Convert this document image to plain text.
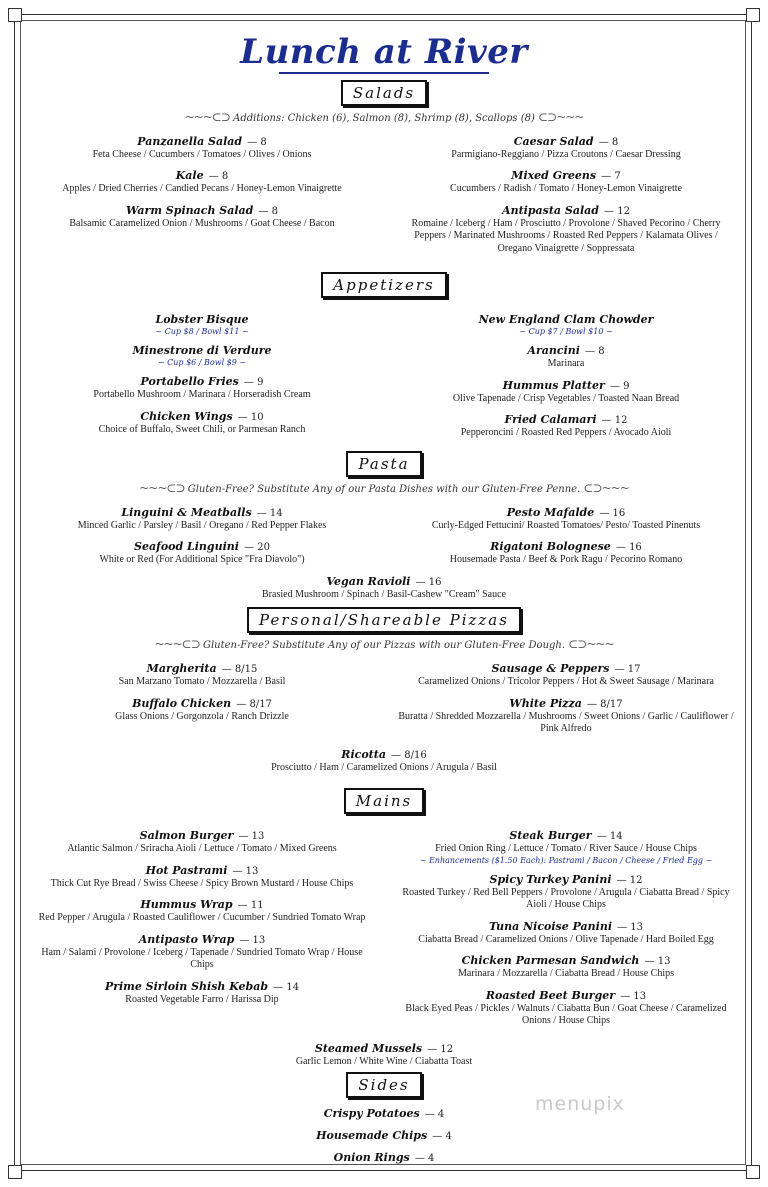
Lunch at River
Salads
~~~⊂⊃ Additions: Chicken (6), Salmon (8), Shrimp (8), Scallops (8) ⊂⊃~~~
Panzanella Salad — 8
Feta Cheese / Cucumbers / Tomatoes / Olives / Onions
Kale — 8
Apples / Dried Cherries / Candied Pecans / Honey-Lemon Vinaigrette
Warm Spinach Salad — 8
Balsamic Caramelized Onion / Mushrooms / Goat Cheese / Bacon
Caesar Salad — 8
Parmigiano-Reggiano / Pizza Croutons / Caesar Dressing
Mixed Greens — 7
Cucumbers / Radish / Tomato / Honey-Lemon Vinaigrette
Antipasta Salad — 12
Romaine / Iceberg / Ham / Prosciutto / Provolone / Shaved Pecorino / Cherry Peppers / Marinated Mushrooms / Roasted Red Peppers / Kalamata Olives / Oregano Vinaigrette / Soppressata
Appetizers
Lobster Bisque
~ Cup $8 / Bowl $11 ~
Minestrone di Verdure
~ Cup $6 / Bowl $9 ~
Portabello Fries — 9
Portabello Mushroom / Marinara / Horseradish Cream
Chicken Wings — 10
Choice of Buffalo, Sweet Chili, or Parmesan Ranch
New England Clam Chowder
~ Cup $7 / Bowl $10 ~
Arancini — 8
Marinara
Hummus Platter — 9
Olive Tapenade / Crisp Vegetables / Toasted Naan Bread
Fried Calamari — 12
Pepperoncini / Roasted Red Peppers / Avocado Aioli
Pasta
~~~⊂⊃ Gluten-Free? Substitute Any of our Pasta Dishes with our Gluten-Free Penne. ⊂⊃~~~
Linguini & Meatballs — 14
Minced Garlic / Parsley / Basil / Oregano / Red Pepper Flakes
Seafood Linguini — 20
White or Red (For Additional Spice "Fra Diavolo")
Pesto Mafalde — 16
Curly-Edged Fettucini/ Roasted Tomatoes/ Pesto/ Toasted Pinenuts
Rigatoni Bolognese — 16
Housemade Pasta / Beef & Pork Ragu / Pecorino Romano
Vegan Ravioli — 16
Brasied Mushroom / Spinach / Basil-Cashew "Cream" Sauce
Personal/Shareable Pizzas
~~~⊂⊃ Gluten-Free? Substitute Any of our Pizzas with our Gluten-Free Dough. ⊂⊃~~~
Margherita — 8/15
San Marzano Tomato / Mozzarella / Basil
Buffalo Chicken — 8/17
Glass Onions / Gorgonzola / Ranch Drizzle
Sausage & Peppers — 17
Caramelized Onions / Tricolor Peppers / Hot & Sweet Sausage / Marinara
White Pizza — 8/17
Buratta / Shredded Mozzarella / Mushrooms / Sweet Onions / Garlic / Cauliflower / Pink Alfredo
Ricotta — 8/16
Prosciutto / Ham / Caramelized Onions / Arugula / Basil
Mains
Salmon Burger — 13
Atlantic Salmon / Sriracha Aioli / Lettuce / Tomato / Mixed Greens
Hot Pastrami — 13
Thick Cut Rye Bread / Swiss Cheese / Spicy Brown Mustard / House Chips
Hummus Wrap — 11
Red Pepper / Arugula / Roasted Cauliflower / Cucumber / Sundried Tomato Wrap
Antipasto Wrap — 13
Ham / Salami / Provolone / Iceberg / Tapenade / Sundried Tomato Wrap / House Chips
Prime Sirloin Shish Kebab — 14
Roasted Vegetable Farro / Harissa Dip
Steak Burger — 14
Fried Onion Ring / Lettuce / Tomato / River Sauce / House Chips
~ Enhancements ($1.50 Each): Pastrami / Bacon / Cheese / Fried Egg ~
Spicy Turkey Panini — 12
Roasted Turkey / Red Bell Peppers / Provolone / Arugula / Ciabatta Bread / Spicy Aioli / House Chips
Tuna Nicoise Panini — 13
Ciabatta Bread / Caramelized Onions / Olive Tapenade / Hard Boiled Egg
Chicken Parmesan Sandwich — 13
Marinara / Mozzarella / Ciabatta Bread / House Chips
Roasted Beet Burger — 13
Black Eyed Peas / Pickles / Walnuts / Ciabatta Bun / Goat Cheese / Caramelized Onions / House Chips
Steamed Mussels — 12
Garlic Lemon / White Wine / Ciabatta Toast
Sides
Crispy Potatoes — 4
Housemade Chips — 4
Onion Rings — 4
menupix
